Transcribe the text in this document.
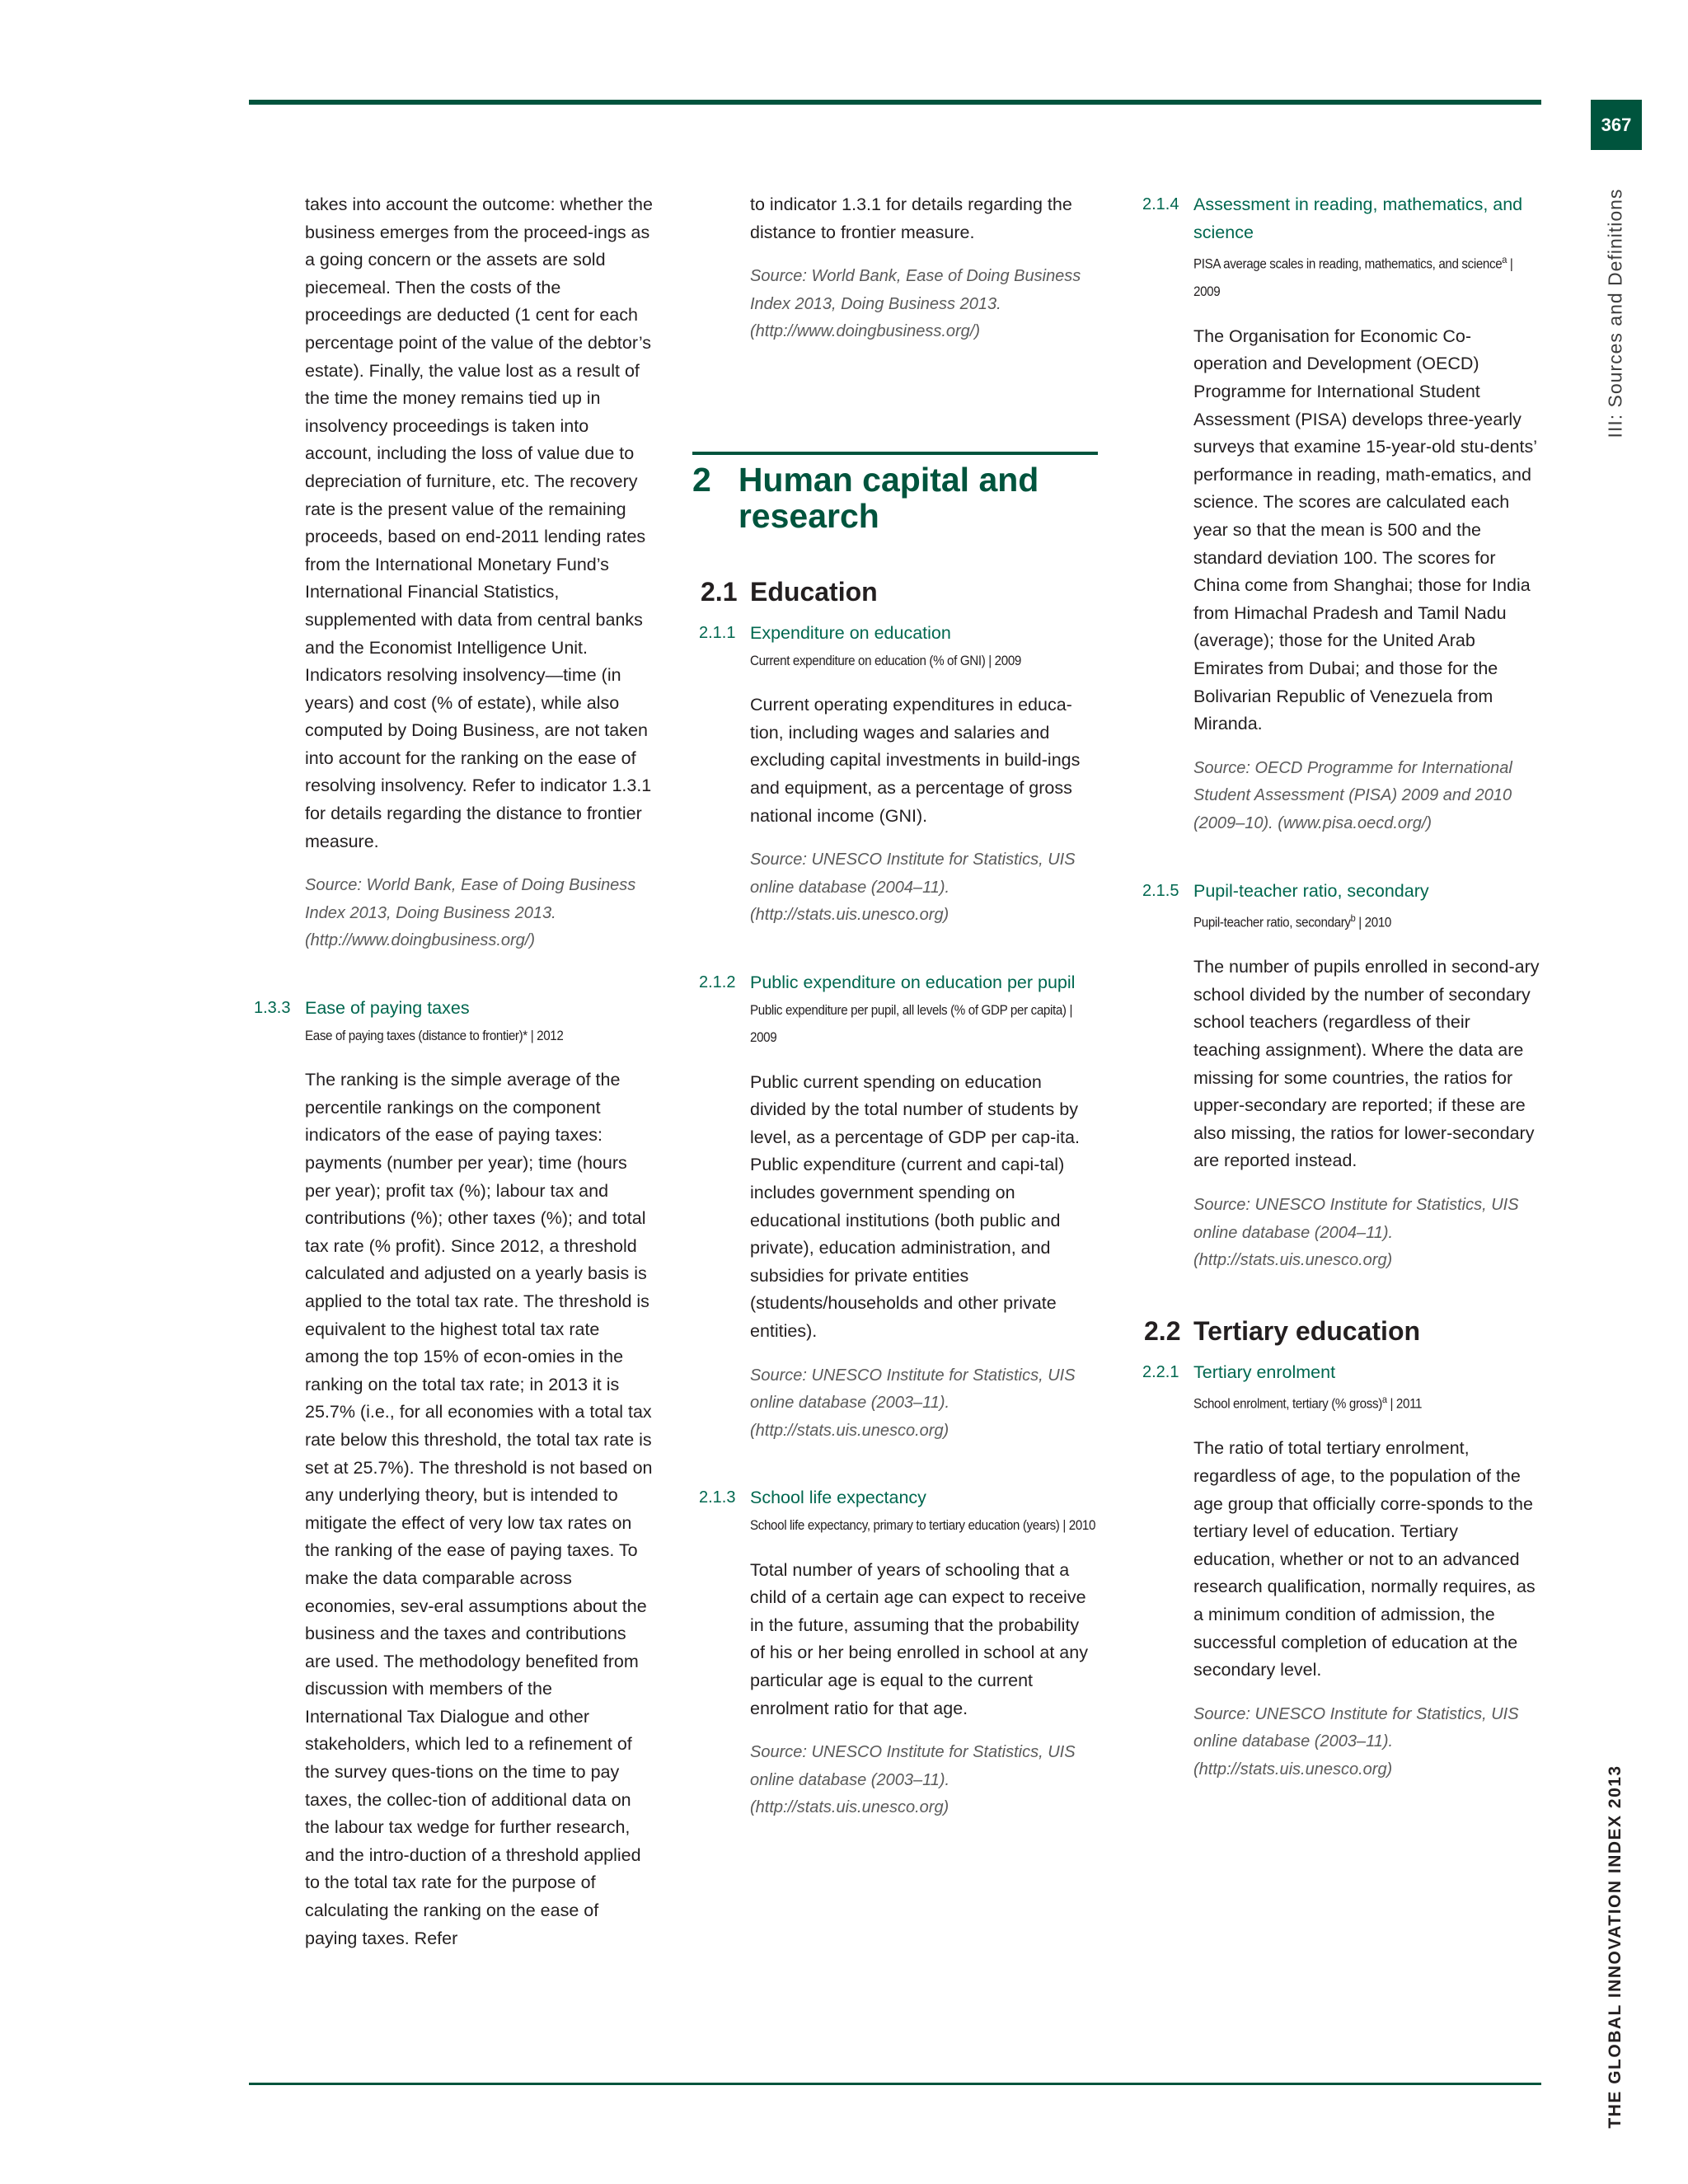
367
III: Sources and Definitions
THE GLOBAL INNOVATION INDEX 2013

takes into account the outcome: whether the business emerges from the proceed-ings as a going concern or the assets are sold piecemeal. Then the costs of the proceedings are deducted (1 cent for each percentage point of the value of the debtor’s estate). Finally, the value lost as a result of the time the money remains tied up in insolvency proceedings is taken into account, including the loss of value due to depreciation of furniture, etc. The recovery rate is the present value of the remaining proceeds, based on end-2011 lending rates from the International Monetary Fund’s International Financial Statistics, supplemented with data from central banks and the Economist Intelligence Unit. Indicators resolving insolvency—time (in years) and cost (% of estate), while also computed by Doing Business, are not taken into account for the ranking on the ease of resolving insolvency. Refer to indicator 1.3.1 for details regarding the distance to frontier measure.

Source: World Bank, Ease of Doing Business Index 2013, Doing Business 2013. (http://www.doingbusiness.org/)

1.3.3 Ease of paying taxes
Ease of paying taxes (distance to frontier)* | 2012

The ranking is the simple average of the percentile rankings on the component indicators of the ease of paying taxes: payments (number per year); time (hours per year); profit tax (%); labour tax and contributions (%); other taxes (%); and total tax rate (% profit). Since 2012, a threshold calculated and adjusted on a yearly basis is applied to the total tax rate. The threshold is equivalent to the highest total tax rate among the top 15% of econ-omies in the ranking on the total tax rate; in 2013 it is 25.7% (i.e., for all economies with a total tax rate below this threshold, the total tax rate is set at 25.7%). The threshold is not based on any underlying theory, but is intended to mitigate the effect of very low tax rates on the ranking of the ease of paying taxes. To make the data comparable across economies, sev-eral assumptions about the business and the taxes and contributions are used. The methodology benefited from discussion with members of the International Tax Dialogue and other stakeholders, which led to a refinement of the survey ques-tions on the time to pay taxes, the collec-tion of additional data on the labour tax wedge for further research, and the intro-duction of a threshold applied to the total tax rate for the purpose of calculating the ranking on the ease of paying taxes. Refer

to indicator 1.3.1 for details regarding the distance to frontier measure.

Source: World Bank, Ease of Doing Business Index 2013, Doing Business 2013. (http://www.doingbusiness.org/)

2 Human capital and research
2.1 Education
2.1.1 Expenditure on education
Current expenditure on education (% of GNI) | 2009

Current operating expenditures in educa-tion, including wages and salaries and excluding capital investments in build-ings and equipment, as a percentage of gross national income (GNI).

Source: UNESCO Institute for Statistics, UIS online database (2004–11). (http://stats.uis.unesco.org)

2.1.2 Public expenditure on education per pupil
Public expenditure per pupil, all levels (% of GDP per capita) | 2009

Public current spending on education divided by the total number of students by level, as a percentage of GDP per cap-ita. Public expenditure (current and capi-tal) includes government spending on educational institutions (both public and private), education administration, and subsidies for private entities (students/households and other private entities).

Source: UNESCO Institute for Statistics, UIS online database (2003–11). (http://stats.uis.unesco.org)

2.1.3 School life expectancy
School life expectancy, primary to tertiary education (years) | 2010

Total number of years of schooling that a child of a certain age can expect to receive in the future, assuming that the probability of his or her being enrolled in school at any particular age is equal to the current enrolment ratio for that age.

Source: UNESCO Institute for Statistics, UIS online database (2003–11). (http://stats.uis.unesco.org)

2.1.4 Assessment in reading, mathematics, and science
PISA average scales in reading, mathematics, and science$^a$ | 2009

The Organisation for Economic Co-operation and Development (OECD) Programme for International Student Assessment (PISA) develops three-yearly surveys that examine 15-year-old stu-dents’ performance in reading, math-ematics, and science. The scores are calculated each year so that the mean is 500 and the standard deviation 100. The scores for China come from Shanghai; those for India from Himachal Pradesh and Tamil Nadu (average); those for the United Arab Emirates from Dubai; and those for the Bolivarian Republic of Venezuela from Miranda.

Source: OECD Programme for International Student Assessment (PISA) 2009 and 2010 (2009–10). (www.pisa.oecd.org/)

2.1.5 Pupil-teacher ratio, secondary
Pupil-teacher ratio, secondary$^b$ | 2010

The number of pupils enrolled in second-ary school divided by the number of secondary school teachers (regardless of their teaching assignment). Where the data are missing for some countries, the ratios for upper-secondary are reported; if these are also missing, the ratios for lower-secondary are reported instead.

Source: UNESCO Institute for Statistics, UIS online database (2004–11). (http://stats.uis.unesco.org)

2.2 Tertiary education
2.2.1 Tertiary enrolment
School enrolment, tertiary (% gross)$^a$ | 2011

The ratio of total tertiary enrolment, regardless of age, to the population of the age group that officially corre-sponds to the tertiary level of education. Tertiary education, whether or not to an advanced research qualification, normally requires, as a minimum condition of admission, the successful completion of education at the secondary level.

Source: UNESCO Institute for Statistics, UIS online database (2003–11). (http://stats.uis.unesco.org)
